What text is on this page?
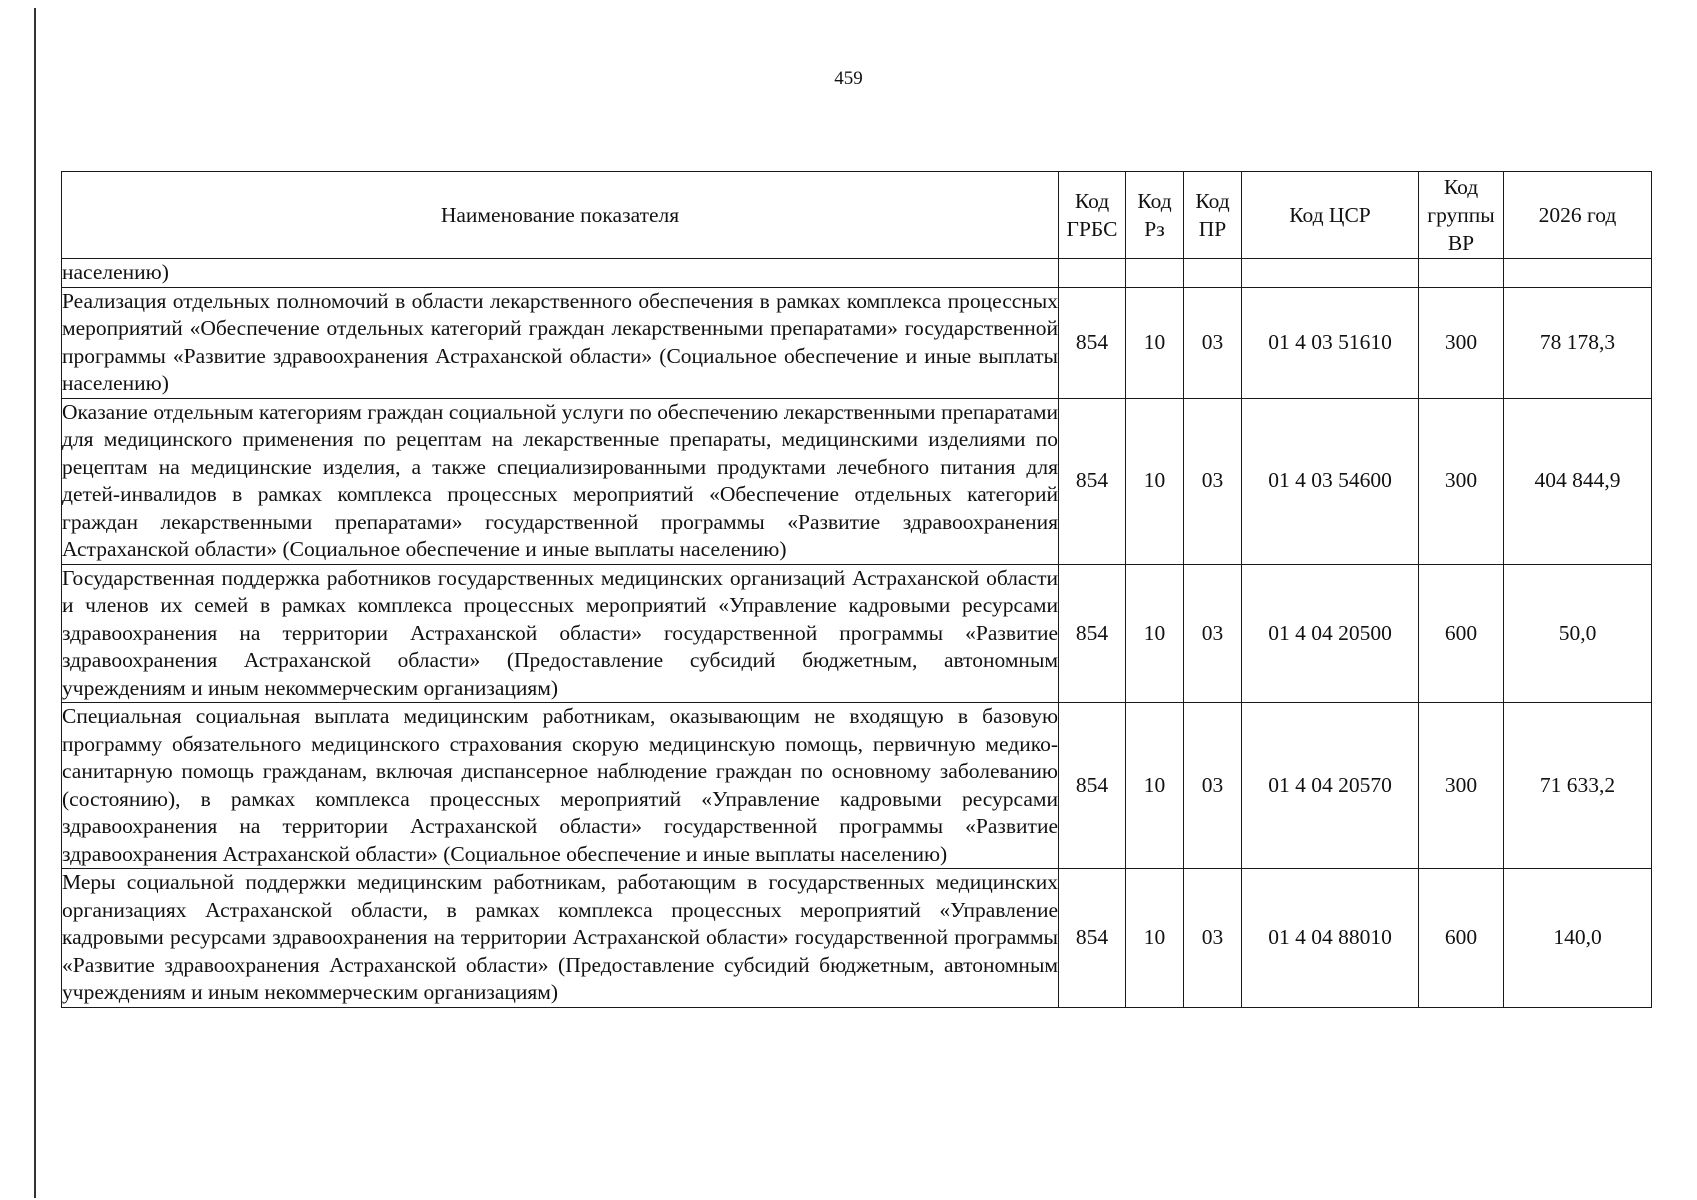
459
Наименование показателя	Код ГРБС	Код Рз	Код ПР	Код ЦСР	Код группы ВР	2026 год
населению)						
Реализация отдельных полномочий в области лекарственного обеспечения в рамках комплекса процессных мероприятий «Обеспечение отдельных категорий граждан лекарственными препаратами» государственной программы «Развитие здравоохранения Астраханской области» (Социальное обеспечение и иные выплаты населению)	854	10	03	01 4 03 51610	300	78 178,3
Оказание отдельным категориям граждан социальной услуги по обеспечению лекарственными препаратами для медицинского применения по рецептам на лекарственные препараты, медицинскими изделиями по рецептам на медицинские изделия, а также специализированными продуктами лечебного питания для детей-инвалидов в рамках комплекса процессных мероприятий «Обеспечение отдельных категорий граждан лекарственными препаратами» государственной программы «Развитие здравоохранения Астраханской области» (Социальное обеспечение и иные выплаты населению)	854	10	03	01 4 03 54600	300	404 844,9
Государственная поддержка работников государственных медицинских организаций Астраханской области и членов их семей в рамках комплекса процессных мероприятий «Управление кадровыми ресурсами здравоохранения на территории Астраханской области» государственной программы «Развитие здравоохранения Астраханской области» (Предоставление субсидий бюджетным, автономным учреждениям и иным некоммерческим организациям)	854	10	03	01 4 04 20500	600	50,0
Специальная социальная выплата медицинским работникам, оказывающим не входящую в базовую программу обязательного медицинского страхования скорую медицинскую помощь, первичную медико-санитарную помощь гражданам, включая диспансерное наблюдение граждан по основному заболеванию (состоянию), в рамках комплекса процессных мероприятий «Управление кадровыми ресурсами здравоохранения на территории Астраханской области» государственной программы «Развитие здравоохранения Астраханской области» (Социальное обеспечение и иные выплаты населению)	854	10	03	01 4 04 20570	300	71 633,2
Меры социальной поддержки медицинским работникам, работающим в государственных медицинских организациях Астраханской области, в рамках комплекса процессных мероприятий «Управление кадровыми ресурсами здравоохранения на территории Астраханской области» государственной программы «Развитие здравоохранения Астраханской области» (Предоставление субсидий бюджетным, автономным учреждениям и иным некоммерческим организациям)	854	10	03	01 4 04 88010	600	140,0
